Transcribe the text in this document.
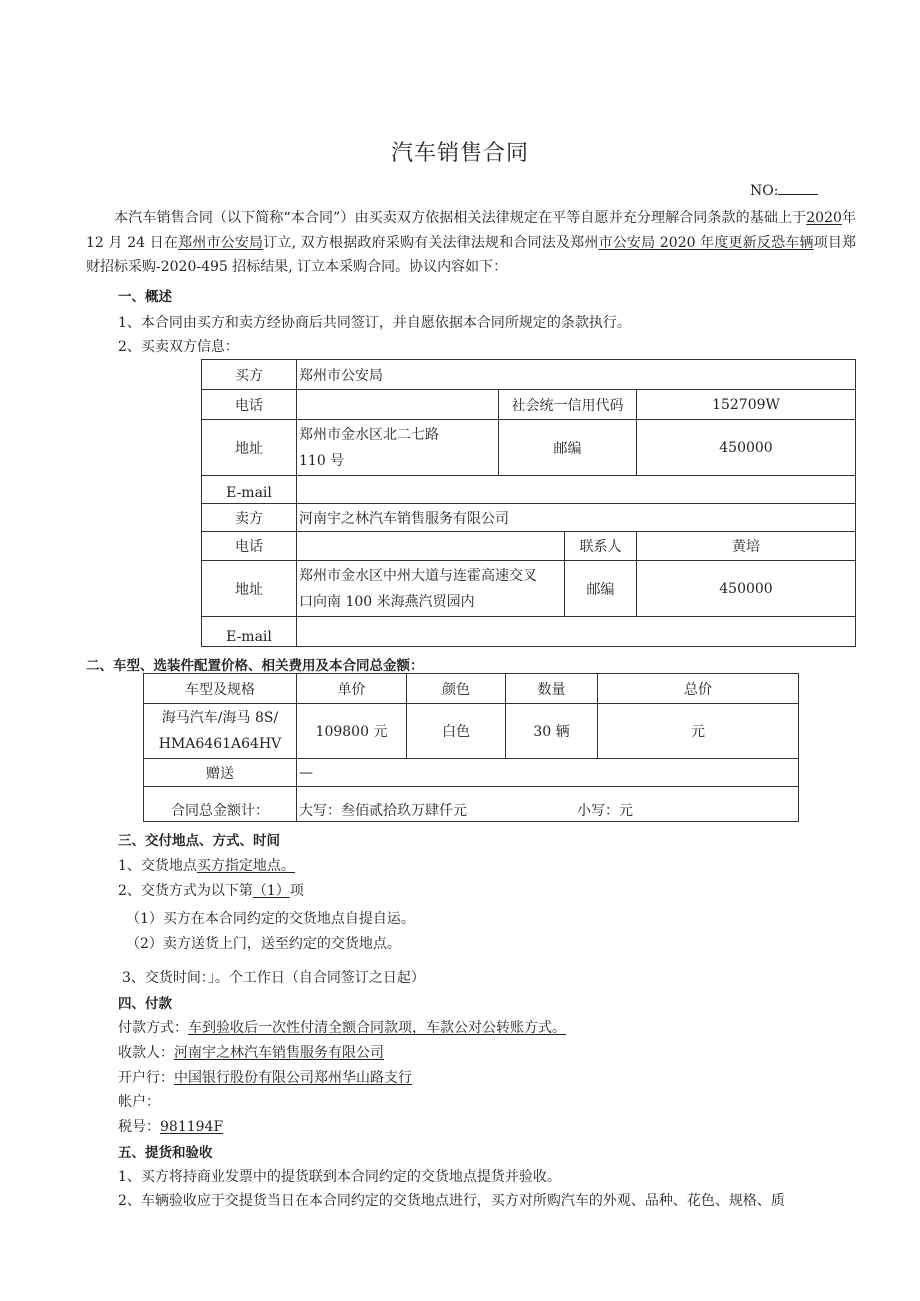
汽车销售合同
NO:
本汽车销售合同（以下简称“本合同”）由买卖双方依据相关法律规定在平等自愿并充分理解合同条款的基础上于2020年 12 月 24 日在郑州市公安局订立, 双方根据政府采购有关法律法规和合同法及郑州市公安局 2020 年度更新反恐车辆项目郑财招标采购-2020-495 招标结果, 订立本采购合同。协议内容如下：
一、概述
1、本合同由买方和卖方经协商后共同签订，并自愿依据本合同所规定的条款执行。
2、买卖双方信息：
买方	郑州市公安局			
电话		社会统一信用代码		152709W
地址	郑州市金水区北二七路
110 号	邮编		450000
E-mail				
卖方	河南宇之林汽车销售服务有限公司			
电话			联系人	黄培
地址	郑州市金水区中州大道与连霍高速交叉
口向南 100 米海燕汽贸园内		邮编	450000
E-mail				
二、车型、选装件配置价格、相关费用及本合同总金额：
车型及规格	单价	颜色	数量	总价

海马汽车/海马 8S/
HMA6461A64HV	109800 元	白色	30 辆	元
赠送	—			
合同总金额计：	大写：叁佰贰拾玖万肆仟元 小写：元			
三、交付地点、方式、时间
1、交货地点买方指定地点。
2、交货方式为以下第（1）项
（1）买方在本合同约定的交货地点自提自运。
（2）卖方送货上门，送至约定的交货地点。
3、交货时间：」。个工作日（自合同签订之日起）
四、付款
付款方式：车到验收后一次性付清全额合同款项，车款公对公转账方式。
收款人：河南宇之林汽车销售服务有限公司
开户行：中国银行股份有限公司郑州华山路支行
帐户：
税号：981194F
五、提货和验收
1、买方将持商业发票中的提货联到本合同约定的交货地点提货并验收。
2、车辆验收应于交提货当日在本合同约定的交货地点进行，买方对所购汽车的外观、品种、花色、规格、质
